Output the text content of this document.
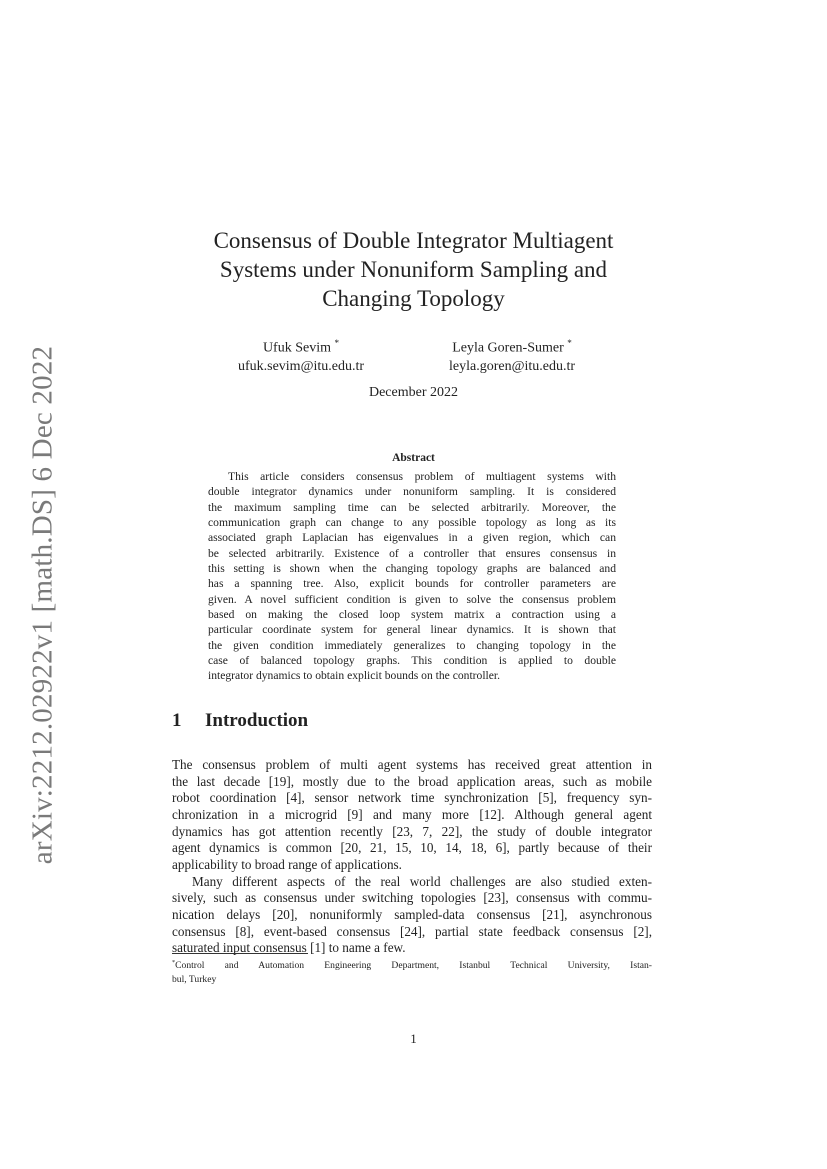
arXiv:2212.02922v1 [math.DS] 6 Dec 2022
Consensus of Double Integrator Multiagent
Systems under Nonuniform Sampling and
Changing Topology
Ufuk Sevim *
ufuk.sevim@itu.edu.tr
Leyla Goren-Sumer *
leyla.goren@itu.edu.tr
December 2022
Abstract
This article considers consensus problem of multiagent systems with
double integrator dynamics under nonuniform sampling. It is considered
the maximum sampling time can be selected arbitrarily. Moreover, the
communication graph can change to any possible topology as long as its
associated graph Laplacian has eigenvalues in a given region, which can
be selected arbitrarily. Existence of a controller that ensures consensus in
this setting is shown when the changing topology graphs are balanced and
has a spanning tree. Also, explicit bounds for controller parameters are
given. A novel sufficient condition is given to solve the consensus problem
based on making the closed loop system matrix a contraction using a
particular coordinate system for general linear dynamics. It is shown that
the given condition immediately generalizes to changing topology in the
case of balanced topology graphs. This condition is applied to double
integrator dynamics to obtain explicit bounds on the controller.
1 Introduction
The consensus problem of multi agent systems has received great attention in
the last decade [19], mostly due to the broad application areas, such as mobile
robot coordination [4], sensor network time synchronization [5], frequency syn-
chronization in a microgrid [9] and many more [12]. Although general agent
dynamics has got attention recently [23, 7, 22], the study of double integrator
agent dynamics is common [20, 21, 15, 10, 14, 18, 6], partly because of their
applicability to broad range of applications.
Many different aspects of the real world challenges are also studied exten-
sively, such as consensus under switching topologies [23], consensus with commu-
nication delays [20], nonuniformly sampled-data consensus [21], asynchronous
consensus [8], event-based consensus [24], partial state feedback consensus [2],
saturated input consensus [1] to name a few.
*Control and Automation Engineering Department, Istanbul Technical University, Istan-
bul, Turkey
1
